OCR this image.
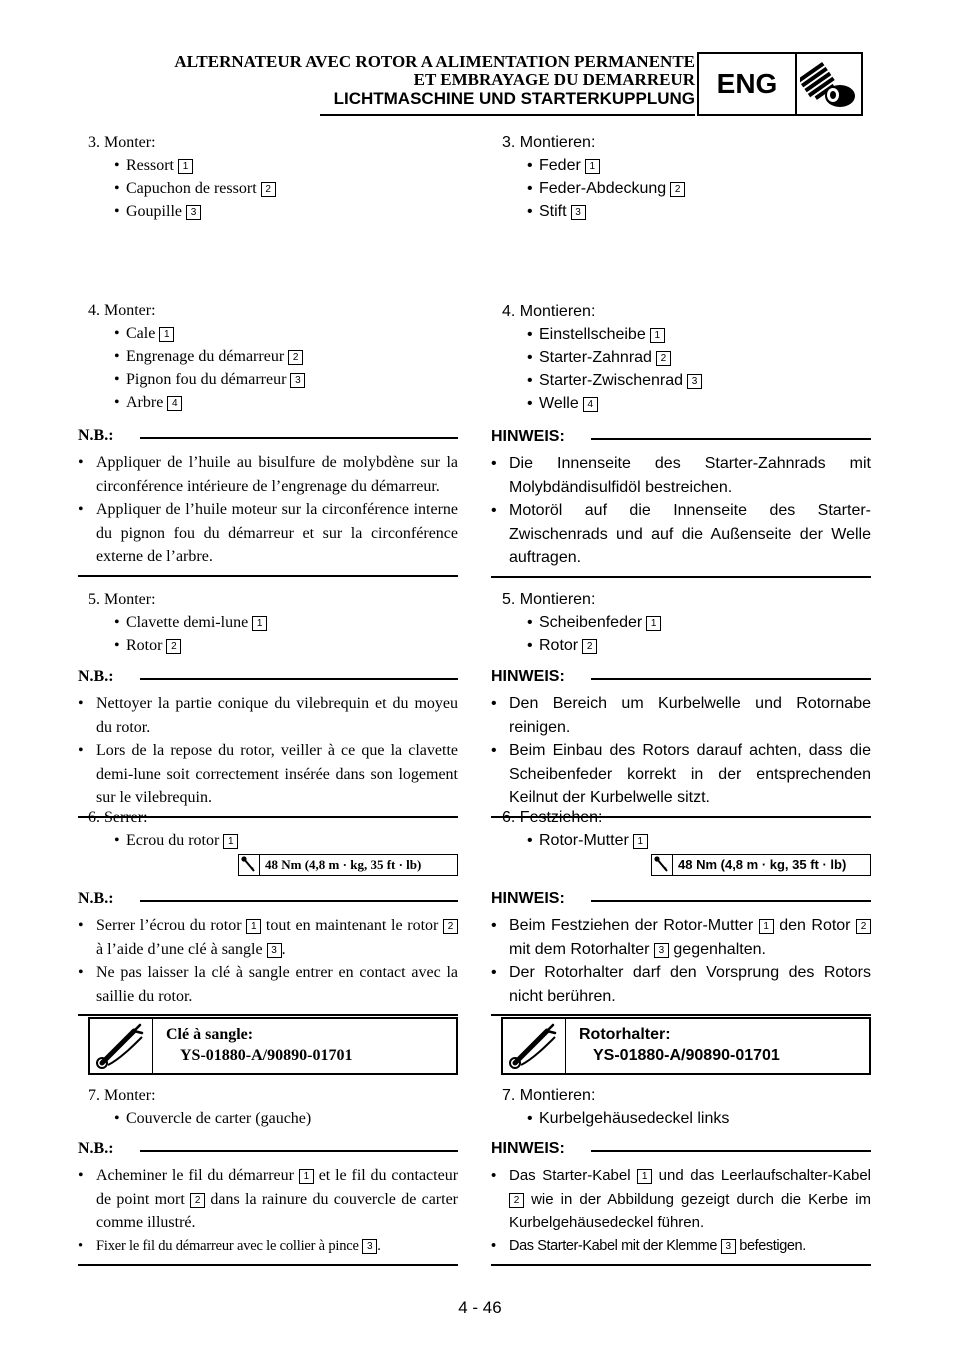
ALTERNATEUR AVEC ROTOR A ALIMENTATION PERMANENTE
ET EMBRAYAGE DU DEMARREUR
LICHTMASCHINE UND STARTERKUPPLUNG ENG
3. Monter:
• Ressort 1
• Capuchon de ressort 2
• Goupille 3
4. Monter:
• Cale 1
• Engrenage du démarreur 2
• Pignon fou du démarreur 3
• Arbre 4
N.B.:
• Appliquer de l’huile au bisulfure de molybdène sur la circonférence intérieure de l’engrenage du démarreur.
• Appliquer de l’huile moteur sur la circonférence interne du pignon fou du démarreur et sur la circonférence externe de l’arbre.
5. Monter:
• Clavette demi-lune 1
• Rotor 2
N.B.:
• Nettoyer la partie conique du vilebrequin et du moyeu du rotor.
• Lors de la repose du rotor, veiller à ce que la clavette demi-lune soit correctement insérée dans son logement sur le vilebrequin.
6. Serrer:
• Ecrou du rotor 1
48 Nm (4,8 m · kg, 35 ft · lb)
N.B.:
• Serrer l’écrou du rotor 1 tout en maintenant le rotor 2 à l’aide d’une clé à sangle 3 .
• Ne pas laisser la clé à sangle entrer en contact avec la saillie du rotor.
Clé à sangle:
YS-01880-A/90890-01701
7. Monter:
• Couvercle de carter (gauche)
N.B.:
• Acheminer le fil du démarreur 1 et le fil du contacteur de point mort 2 dans la rainure du couvercle de carter comme illustré.
• Fixer le fil du démarreur avec le collier à pince 3 .
3. Montieren:
• Feder 1
• Feder-Abdeckung 2
• Stift 3
4. Montieren:
• Einstellscheibe 1
• Starter-Zahnrad 2
• Starter-Zwischenrad 3
• Welle 4
HINWEIS:
• Die Innenseite des Starter-Zahnrads mit Molybdändisulfidöl bestreichen.
• Motoröl auf die Innenseite des Starter-Zwischenrads und auf die Außenseite der Welle auftragen.
5. Montieren:
• Scheibenfeder 1
• Rotor 2
HINWEIS:
• Den Bereich um Kurbelwelle und Rotornabe reinigen.
• Beim Einbau des Rotors darauf achten, dass die Scheibenfeder korrekt in der entsprechenden Keilnut der Kurbelwelle sitzt.
6. Festziehen:
• Rotor-Mutter 1
48 Nm (4,8 m · kg, 35 ft · lb)
HINWEIS:
• Beim Festziehen der Rotor-Mutter 1 den Rotor 2 mit dem Rotorhalter 3 gegenhalten.
• Der Rotorhalter darf den Vorsprung des Rotors nicht berühren.
Rotorhalter:
YS-01880-A/90890-01701
7. Montieren:
• Kurbelgehäusedeckel links
HINWEIS:
• Das Starter-Kabel 1 und das Leerlaufschalter-Kabel 2 wie in der Abbildung gezeigt durch die Kerbe im Kurbelgehäusedeckel führen.
• Das Starter-Kabel mit der Klemme 3 befestigen.
4 - 46
